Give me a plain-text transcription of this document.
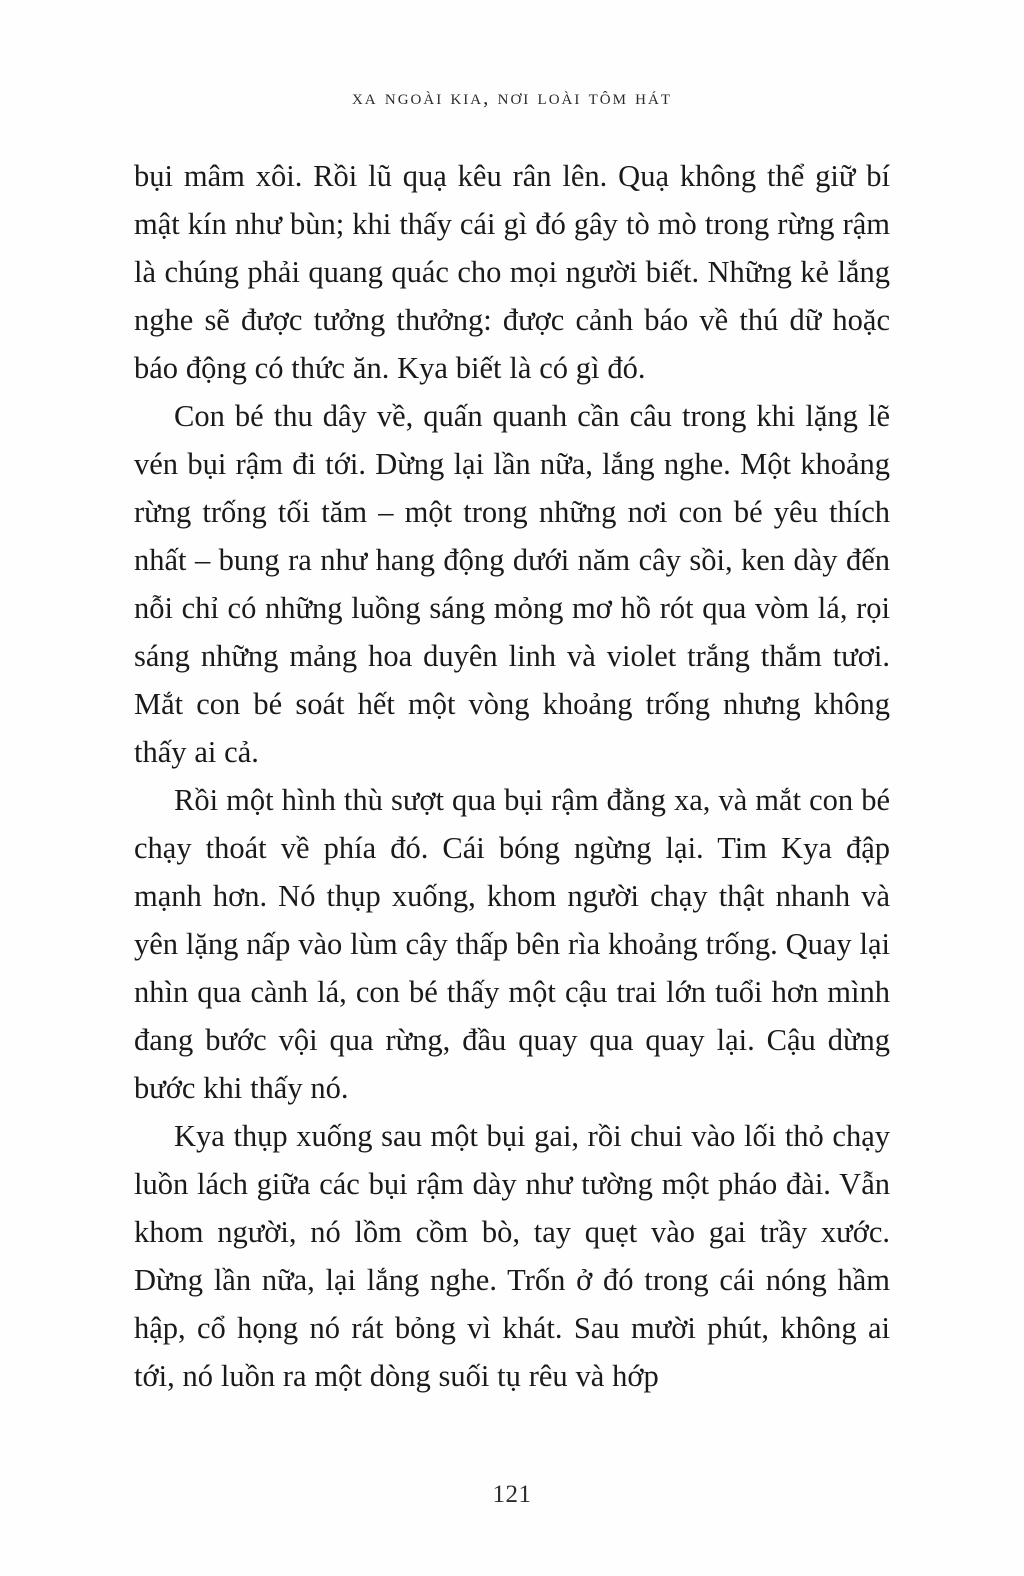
xa ngoài kia, nơi loài tôm hát

bụi mâm xôi. Rồi lũ quạ kêu rân lên. Quạ không thể giữ bí mật kín như bùn; khi thấy cái gì đó gây tò mò trong rừng rậm là chúng phải quang quác cho mọi người biết. Những kẻ lắng nghe sẽ được tưởng thưởng: được cảnh báo về thú dữ hoặc báo động có thức ăn. Kya biết là có gì đó.

Con bé thu dây về, quấn quanh cần câu trong khi lặng lẽ vén bụi rậm đi tới. Dừng lại lần nữa, lắng nghe. Một khoảng rừng trống tối tăm – một trong những nơi con bé yêu thích nhất – bung ra như hang động dưới năm cây sồi, ken dày đến nỗi chỉ có những luồng sáng mỏng mơ hồ rót qua vòm lá, rọi sáng những mảng hoa duyên linh và violet trắng thắm tươi. Mắt con bé soát hết một vòng khoảng trống nhưng không thấy ai cả.

Rồi một hình thù sượt qua bụi rậm đằng xa, và mắt con bé chạy thoát về phía đó. Cái bóng ngừng lại. Tim Kya đập mạnh hơn. Nó thụp xuống, khom người chạy thật nhanh và yên lặng nấp vào lùm cây thấp bên rìa khoảng trống. Quay lại nhìn qua cành lá, con bé thấy một cậu trai lớn tuổi hơn mình đang bước vội qua rừng, đầu quay qua quay lại. Cậu dừng bước khi thấy nó.

Kya thụp xuống sau một bụi gai, rồi chui vào lối thỏ chạy luồn lách giữa các bụi rậm dày như tường một pháo đài. Vẫn khom người, nó lồm cồm bò, tay quẹt vào gai trầy xước. Dừng lần nữa, lại lắng nghe. Trốn ở đó trong cái nóng hầm hập, cổ họng nó rát bỏng vì khát. Sau mười phút, không ai tới, nó luồn ra một dòng suối tụ rêu và hớp

121
